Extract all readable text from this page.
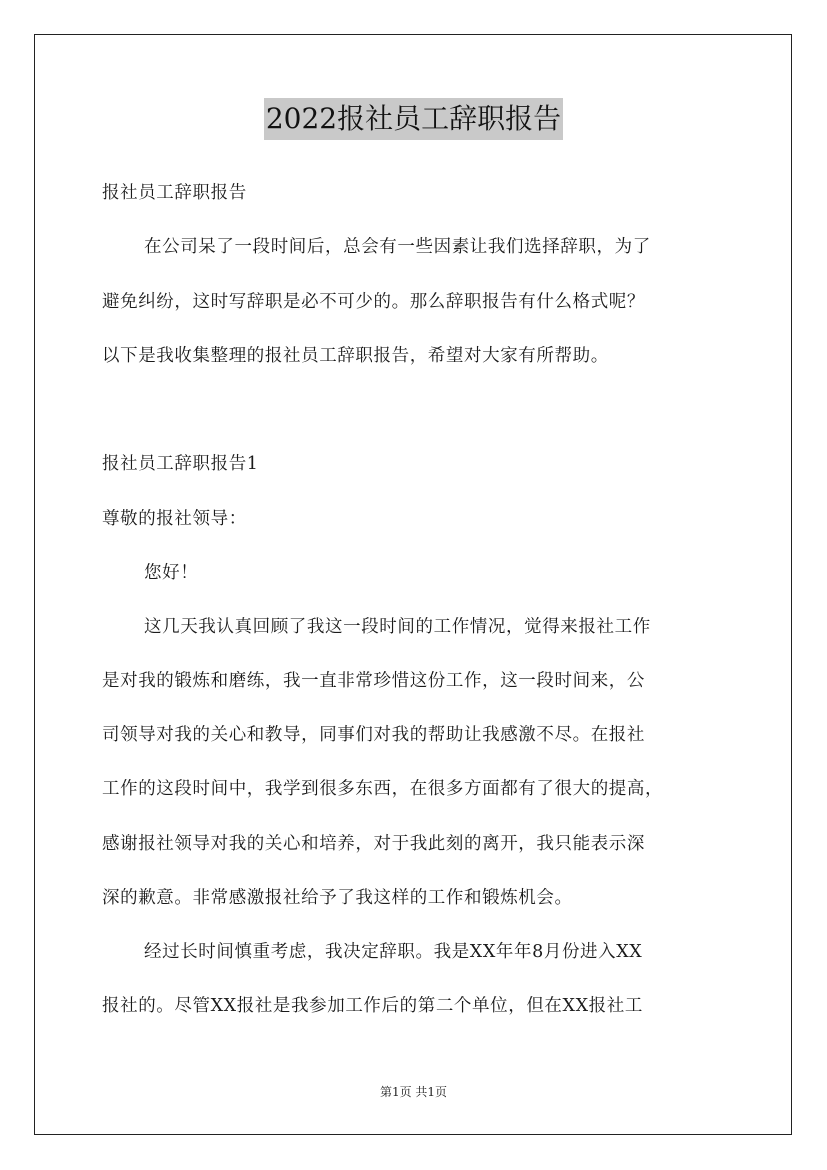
2022报社员工辞职报告
报社员工辞职报告
在公司呆了一段时间后，总会有一些因素让我们选择辞职，为了
避免纠纷，这时写辞职是必不可少的。那么辞职报告有什么格式呢？
以下是我收集整理的报社员工辞职报告，希望对大家有所帮助。
报社员工辞职报告1
尊敬的报社领导：
您好！
这几天我认真回顾了我这一段时间的工作情况，觉得来报社工作
是对我的锻炼和磨练，我一直非常珍惜这份工作，这一段时间来，公
司领导对我的关心和教导，同事们对我的帮助让我感激不尽。在报社
工作的这段时间中，我学到很多东西，在很多方面都有了很大的提高，
感谢报社领导对我的关心和培养，对于我此刻的离开，我只能表示深
深的歉意。非常感激报社给予了我这样的工作和锻炼机会。
经过长时间慎重考虑，我决定辞职。我是XX年年8月份进入XX
报社的。尽管XX报社是我参加工作后的第二个单位，但在XX报社工
第1页 共1页
